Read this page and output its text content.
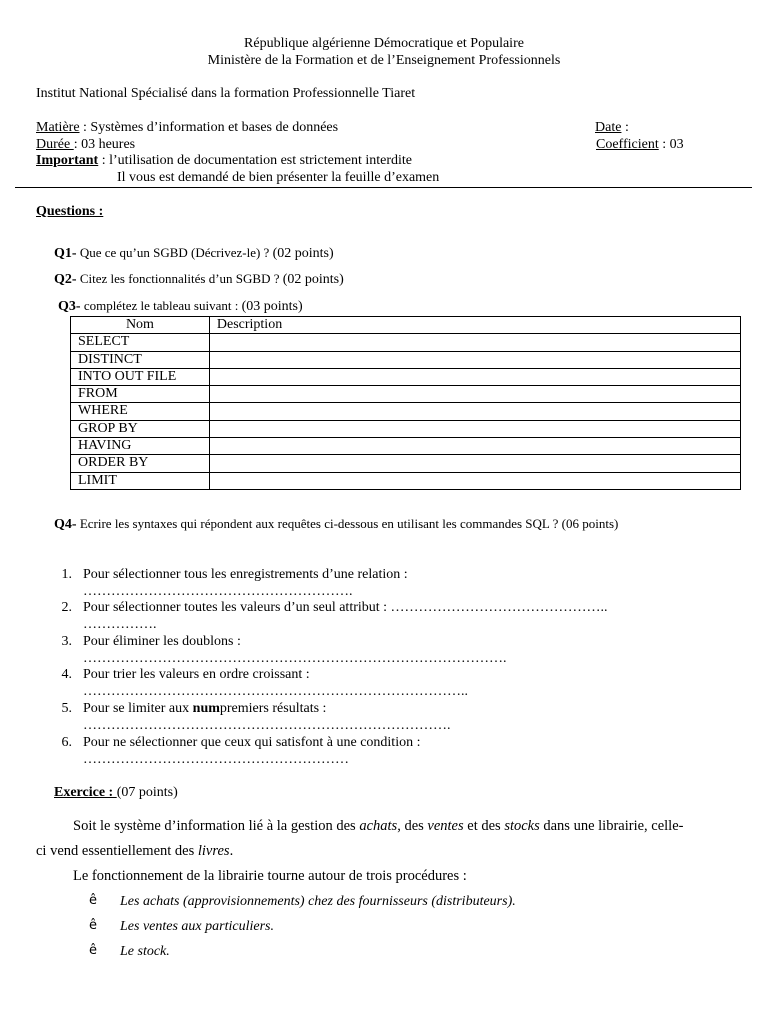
République algérienne Démocratique et Populaire
Ministère de la Formation et de l’Enseignement Professionnels
Institut National Spécialisé dans la formation Professionnelle Tiaret
Matière : Systèmes d’information et bases de données	Date :
Durée : 03 heures	Coefficient : 03
Important : l’utilisation de documentation est strictement interdite
Il vous est demandé de bien présenter la feuille d’examen
Questions :
Q1- Que ce qu’un SGBD (Décrivez-le) ? (02 points)
Q2- Citez les fonctionnalités d’un SGBD ? (02 points)
Q3- complétez le tableau suivant : (03 points)
Nom	Description
SELECT	
DISTINCT	
INTO OUT FILE	
FROM	
WHERE	
GROP BY	
HAVING	
ORDER BY	
LIMIT	
Q4- Ecrire les syntaxes qui répondent aux requêtes ci-dessous en utilisant les commandes SQL ? (06 points)
1. Pour sélectionner tous les enregistrements d’une relation :
………………………………………………….
2. Pour sélectionner toutes les valeurs d’un seul attribut : ………………………………………..
…………….
3. Pour éliminer les doublons :
……………………………………………………………………………….
4. Pour trier les valeurs en ordre croissant :
………………………………………………………………………..
5. Pour se limiter aux numpremiers résultats :
…………………………………………………………………….
6. Pour ne sélectionner que ceux qui satisfont à une condition :
…………………………………………………
Exercice : (07 points)
Soit le système d’information lié à la gestion des achats, des ventes et des stocks dans une librairie, celle-
ci vend essentiellement des livres.
Le fonctionnement de la librairie tourne autour de trois procédures :
ê Les achats (approvisionnements) chez des fournisseurs (distributeurs).
ê Les ventes aux particuliers.
ê Le stock.
